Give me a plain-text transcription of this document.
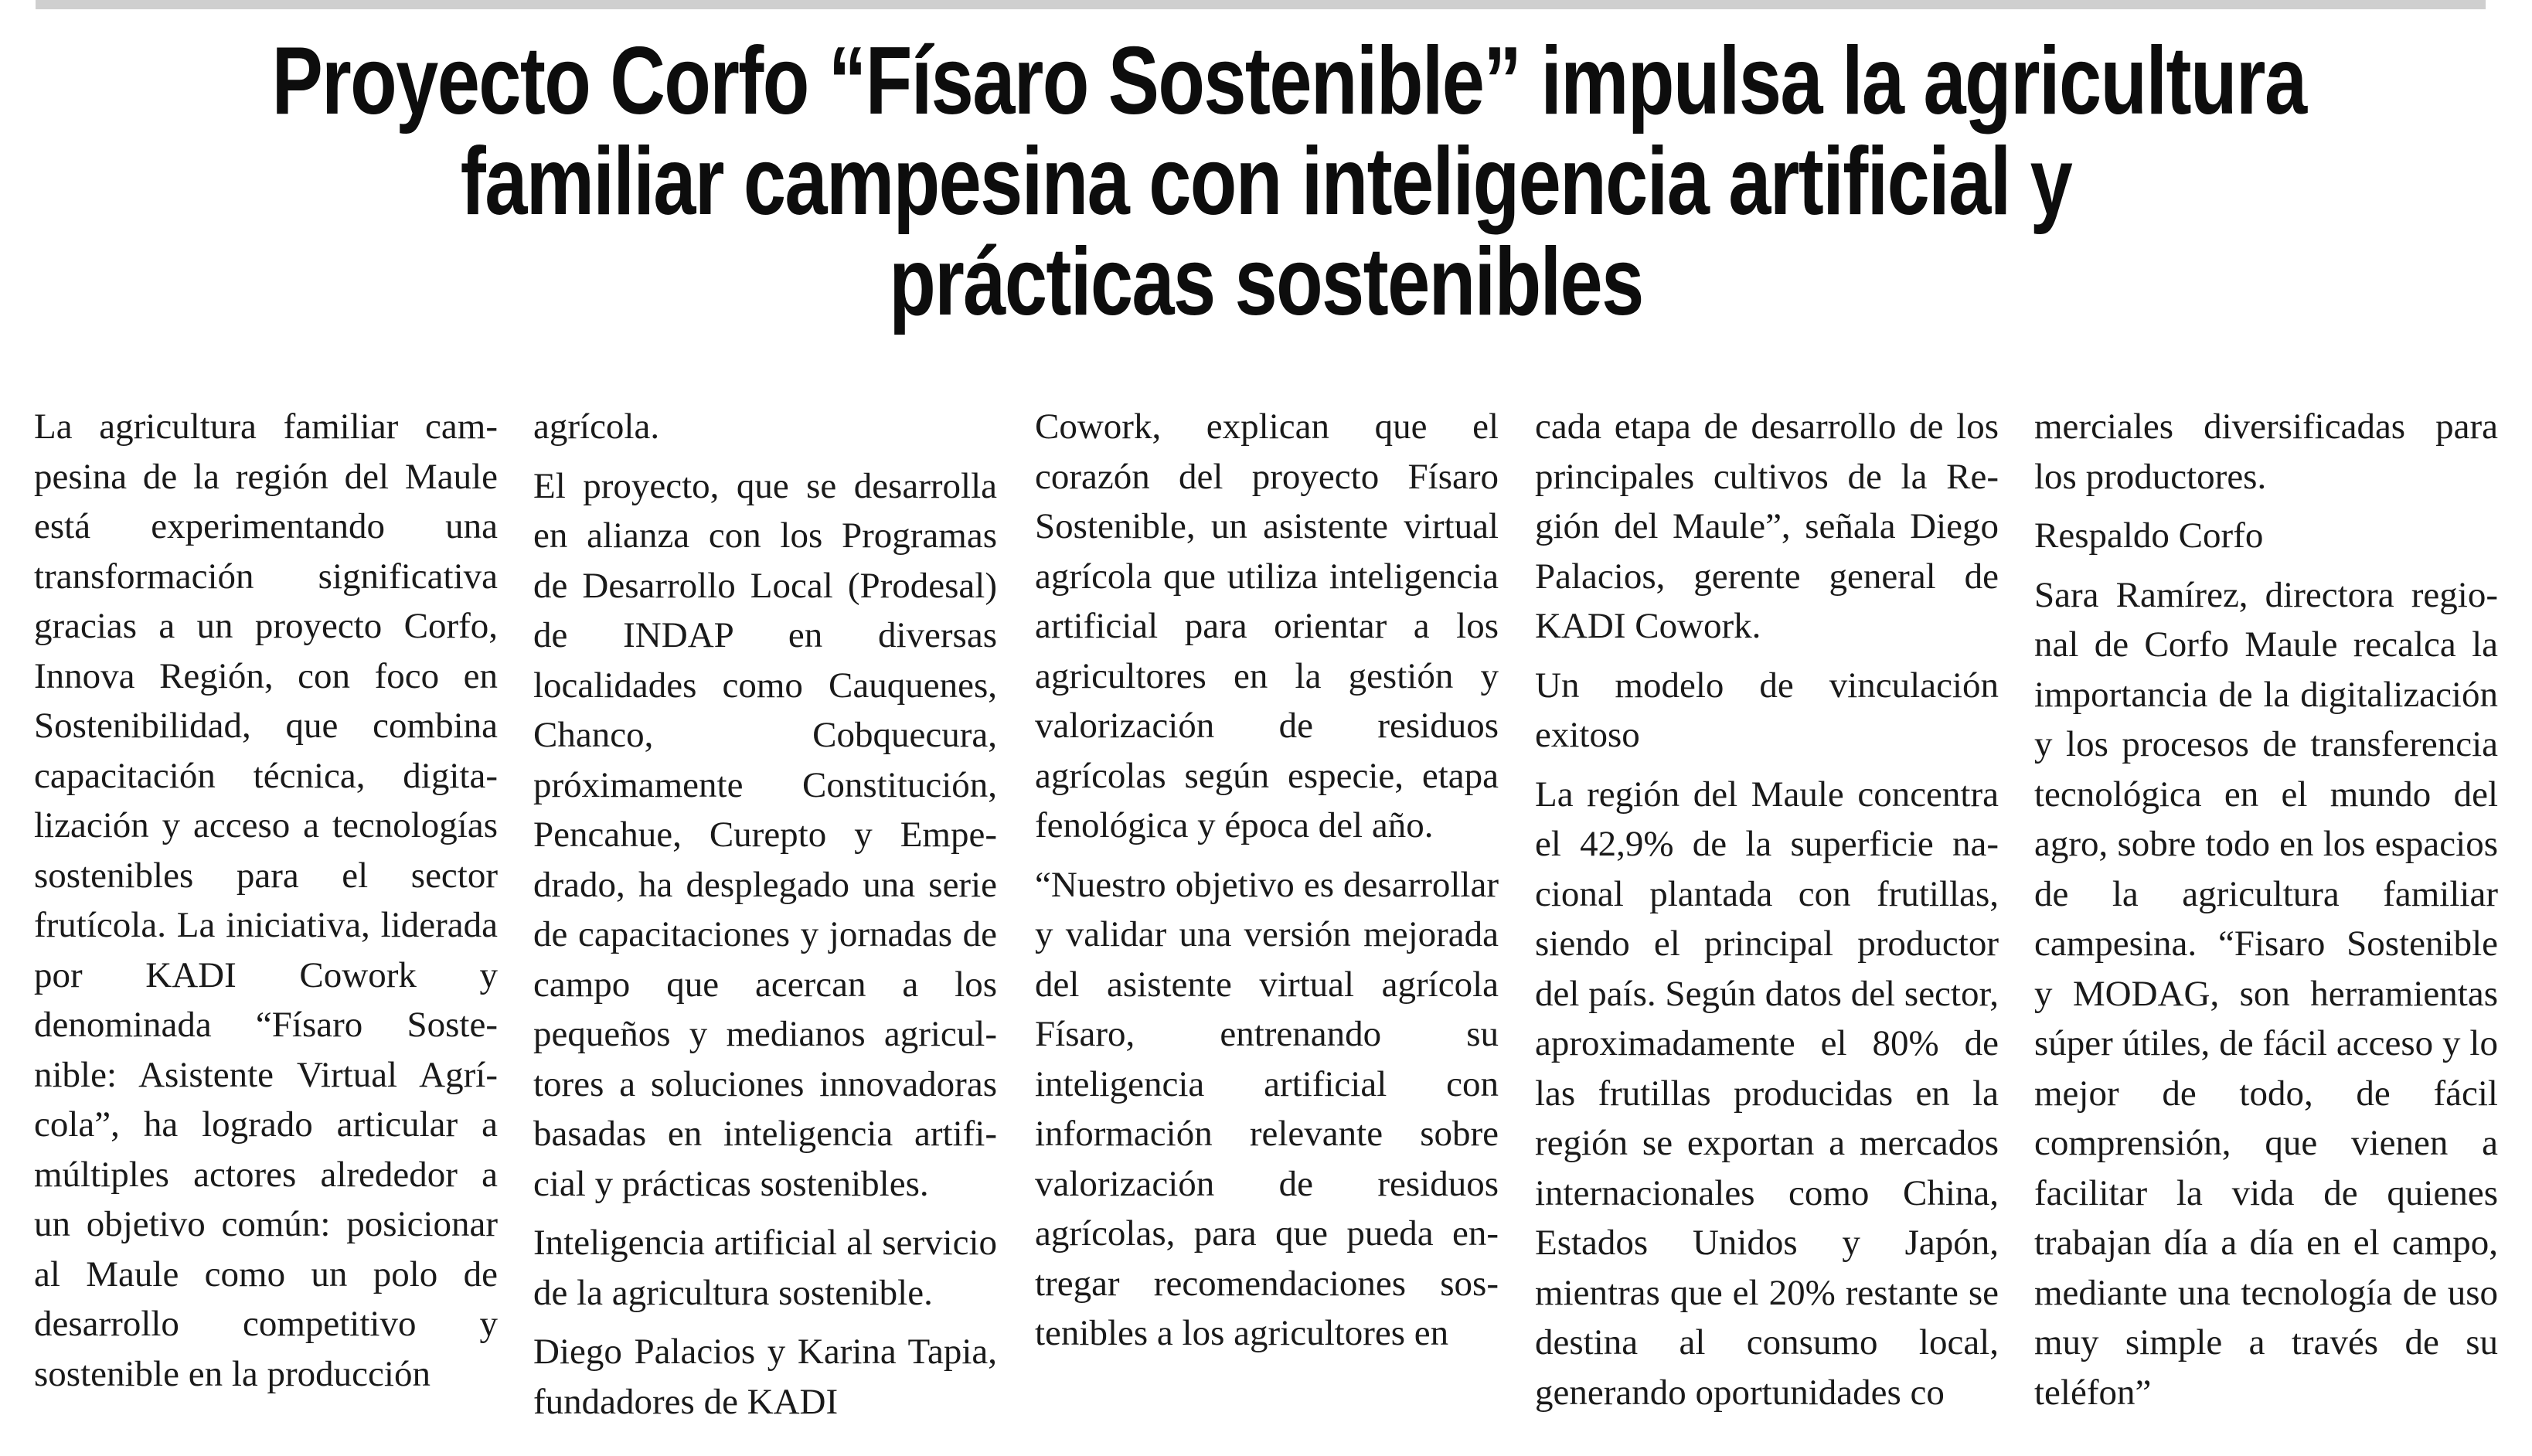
Proyecto Corfo “Físaro Sostenible” impulsa la agricultura
familiar campesina con inteligencia artificial y
prácticas sostenibles

La agricultura familiar campesina de la región del Maule está experimentando una transformación significativa gracias a un proyecto Corfo, Innova Región, con foco en Sostenibilidad, que combina capacitación técnica, digitalización y acceso a tecnologías sostenibles para el sector frutícola. La iniciativa, liderada por KADI Cowork y denominada “Físaro Sostenible: Asistente Virtual Agrícola”, ha logrado articular a múltiples actores alrededor a un objetivo común: posicionar al Maule como un polo de desarrollo competitivo y sostenible en la producción

agrícola.

El proyecto, que se desarrolla en alianza con los Programas de Desarrollo Local (Prodesal) de INDAP en diversas localidades como Cauquenes, Chanco, Cobquecura, próximamente Constitución, Pencahue, Curepto y Empedrado, ha desplegado una serie de capacitaciones y jornadas de campo que acercan a los pequeños y medianos agricultores a soluciones innovadoras basadas en inteligencia artificial y prácticas sostenibles.

Inteligencia artificial al servicio de la agricultura sostenible.

Diego Palacios y Karina Tapia, fundadores de KADI

Cowork, explican que el corazón del proyecto Físaro Sostenible, un asistente virtual agrícola que utiliza inteligencia artificial para orientar a los agricultores en la gestión y valorización de residuos agrícolas según especie, etapa fenológica y época del año.

“Nuestro objetivo es desarrollar y validar una versión mejorada del asistente virtual agrícola Físaro, entrenando su inteligencia artificial con información relevante sobre valorización de residuos agrícolas, para que pueda entregar recomendaciones sostenibles a los agricultores en

cada etapa de desarrollo de los principales cultivos de la Región del Maule”, señala Diego Palacios, gerente general de KADI Cowork.

Un modelo de vinculación exitoso

La región del Maule concentra el 42,9% de la superficie nacional plantada con frutillas, siendo el principal productor del país. Según datos del sector, aproximadamente el 80% de las frutillas producidas en la región se exportan a mercados internacionales como China, Estados Unidos y Japón, mientras que el 20% restante se destina al consumo local, generando oportunidades co

merciales diversificadas para los productores.

Respaldo Corfo

Sara Ramírez, directora regional de Corfo Maule recalca la importancia de la digitalización y los procesos de transferencia tecnológica en el mundo del agro, sobre todo en los espacios de la agricultura familiar campesina. “Fisaro Sostenible y MODAG, son herramientas súper útiles, de fácil acceso y lo mejor de todo, de fácil comprensión, que vienen a facilitar la vida de quienes trabajan día a día en el campo, mediante una tecnología de uso muy simple a través de su teléfon”
